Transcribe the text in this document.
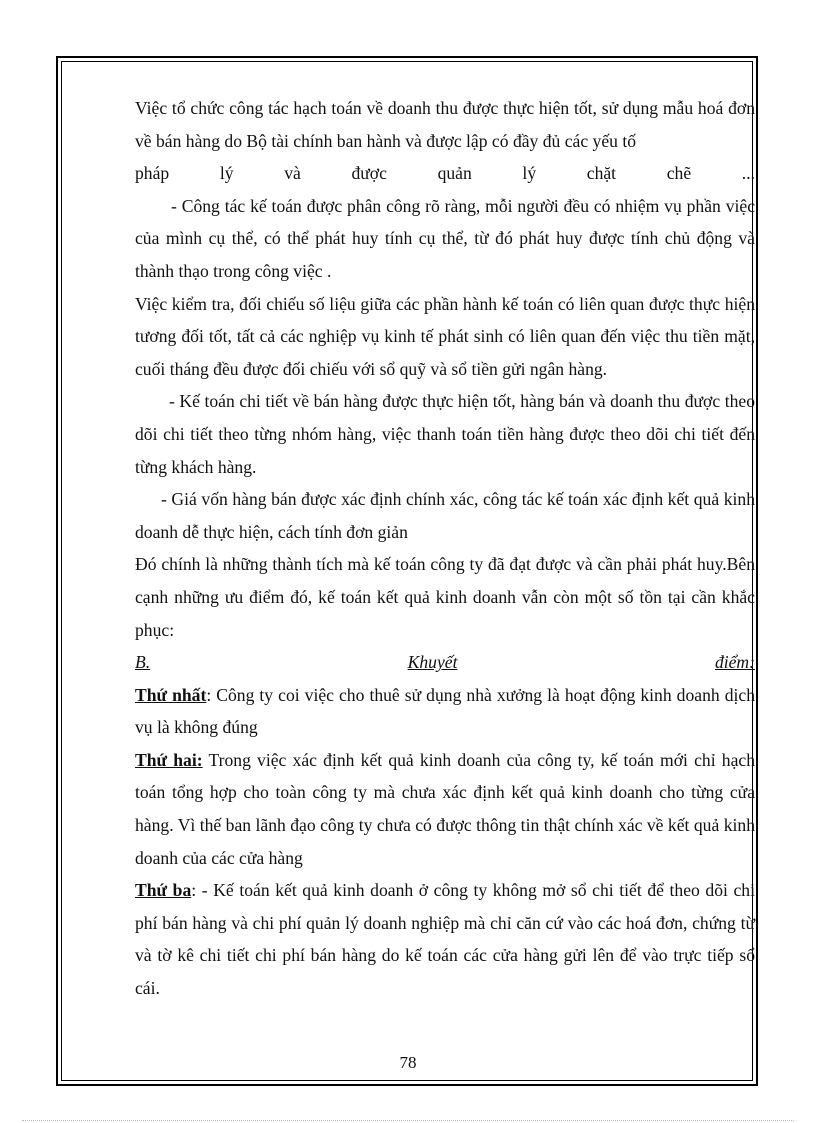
Việc tổ chức công tác hạch toán về doanh thu được thực hiện tốt, sử dụng mẫu hoá đơn về bán hàng do Bộ tài chính ban hành và được lập có đầy đủ các yếu tố

pháp lý và được quản lý chặt chẽ ...

- Công tác kế toán được phân công rõ ràng, mỗi người đều có nhiệm vụ phần việc của mình cụ thể, có thể phát huy tính cụ thể, từ đó phát huy được tính chủ động và thành thạo trong công việc .

Việc kiểm tra, đối chiếu số liệu giữa các phần hành kế toán có liên quan được thực hiện tương đối tốt, tất cả các nghiệp vụ kinh tế phát sinh có liên quan đến việc thu tiền mặt, cuối tháng đều được đối chiếu với sổ quỹ và sổ tiền gửi ngân hàng.

- Kế toán chi tiết về bán hàng được thực hiện tốt, hàng bán và doanh thu được theo dõi chi tiết theo từng nhóm hàng, việc thanh toán tiền hàng được theo dõi chi tiết đến từng khách hàng.

- Giá vốn hàng bán được xác định chính xác, công tác kế toán xác định kết quả kinh doanh dễ thực hiện, cách tính đơn giản

Đó chính là những thành tích mà kế toán công ty đã đạt được và cần phải phát huy.Bên cạnh những ưu điểm đó, kế toán kết quả kinh doanh vẫn còn một số tồn tại cần khắc phục:

B.	Khuyết	điểm:

Thứ nhất: Công ty coi việc cho thuê sử dụng nhà xưởng là hoạt động kinh doanh dịch vụ là không đúng

Thứ hai: Trong việc xác định kết quả kinh doanh của công ty, kế toán mới chỉ hạch toán tổng hợp cho toàn công ty mà chưa xác định kết quả kinh doanh cho từng cửa hàng. Vì thế ban lãnh đạo công ty chưa có được thông tin thật chính xác về kết quả kinh doanh của các cửa hàng

Thứ ba: - Kế toán kết quả kinh doanh ở công ty không mở sổ chi tiết để theo dõi chi phí bán hàng và chi phí quản lý doanh nghiệp mà chỉ căn cứ vào các hoá đơn, chứng từ và tờ kê chi tiết chi phí bán hàng do kế toán các cửa hàng gửi lên để vào trực tiếp sổ cái.

78
